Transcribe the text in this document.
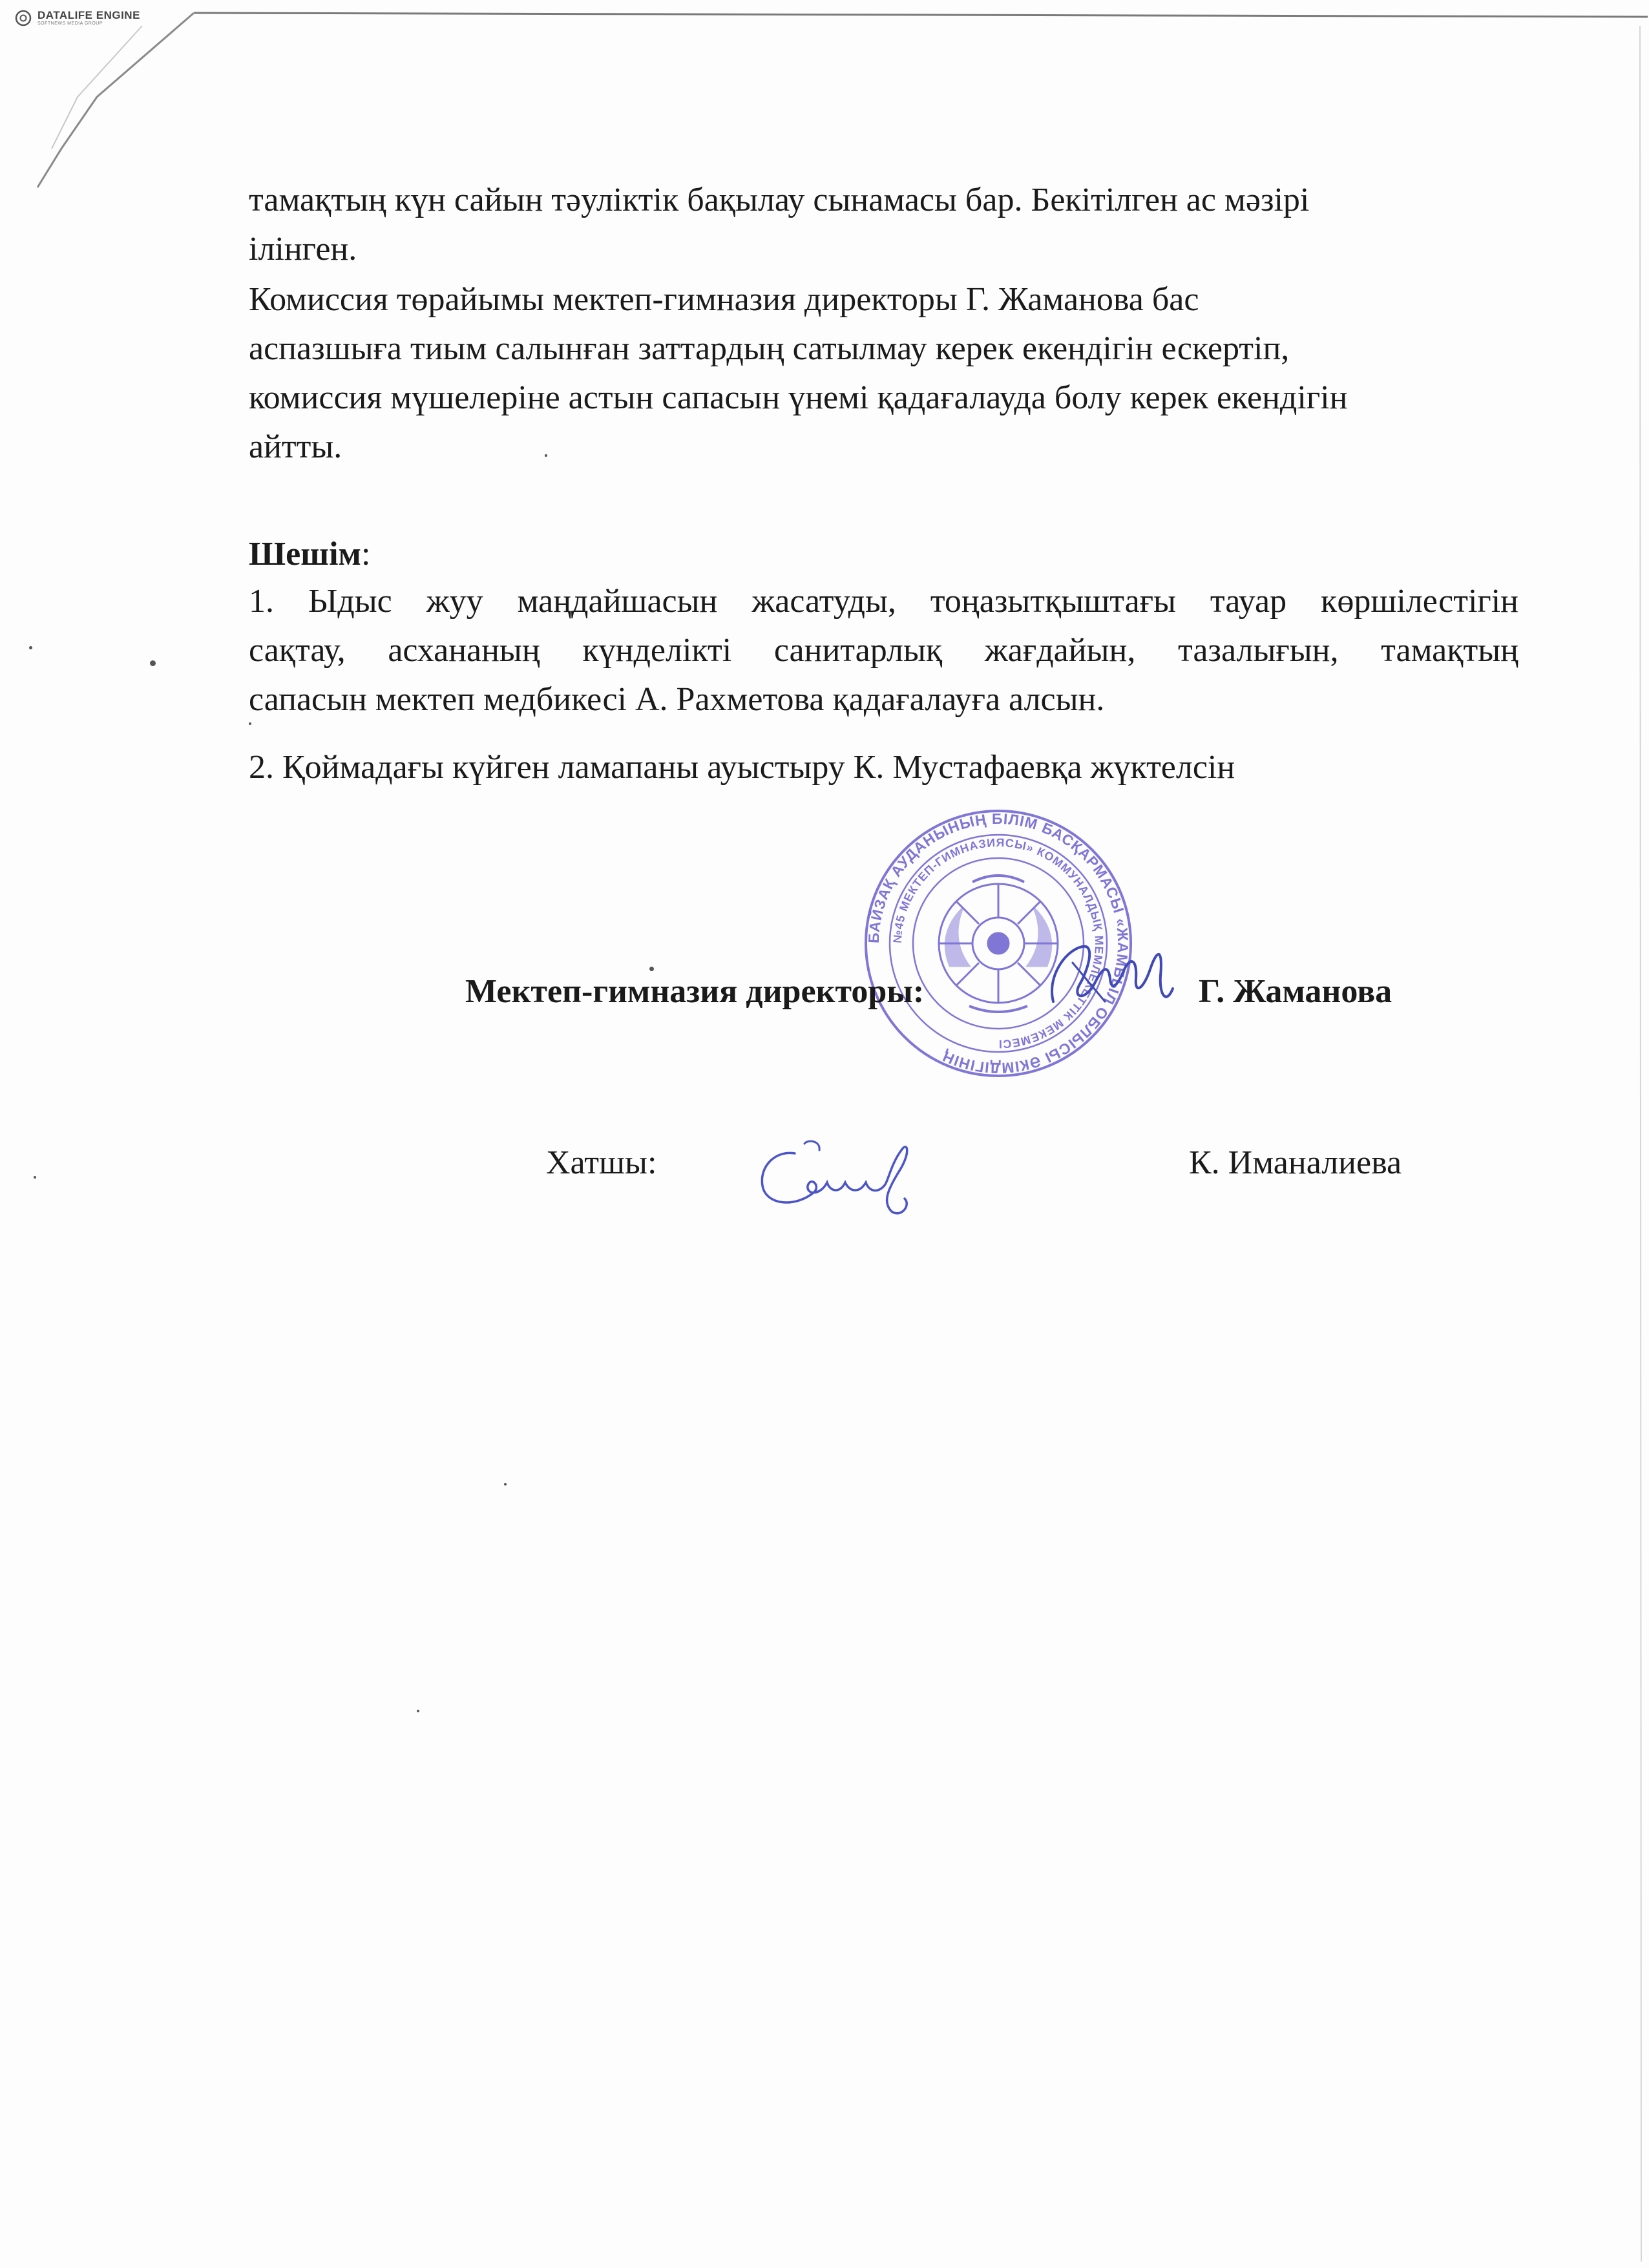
DATALIFE ENGINE
SOFTNEWS MEDIA GROUP
тамақтың күн сайын тәуліктік бақылау сынамасы бар. Бекітілген ас мәзірі
ілінген.
Комиссия төрайымы мектеп-гимназия директоры Г. Жаманова бас
аспазшыға тиым салынған заттардың сатылмау керек екендігін ескертіп,
комиссия мүшелеріне астын сапасын үнемі қадағалауда болу керек екендігін
айтты.
Шешім:
1. Ыдыс жуу маңдайшасын жасатуды, тоңазытқыштағы тауар көршілестігін
сақтау, асхананың күнделікті санитарлық жағдайын, тазалығын, тамақтың
сапасын мектеп медбикесі А. Рахметова қадағалауға алсын.
2. Қоймадағы күйген ламапаны ауыстыру К. Мустафаевқа жүктелсін
БАЙЗАҚ АУДАНЫНЫҢ БІЛІМ БАСҚАРМАСЫ «ЖАМБЫЛ ОБЛЫСЫ ӘКІМДІГІНІҢ
№45 МЕКТЕП-ГИМНАЗИЯСЫ» КОММУНАЛДЫҚ МЕМЛЕКЕТТІК МЕКЕМЕСІ
Мектеп-гимназия директоры:	Г. Жаманова
Хатшы:	К. Иманалиева
